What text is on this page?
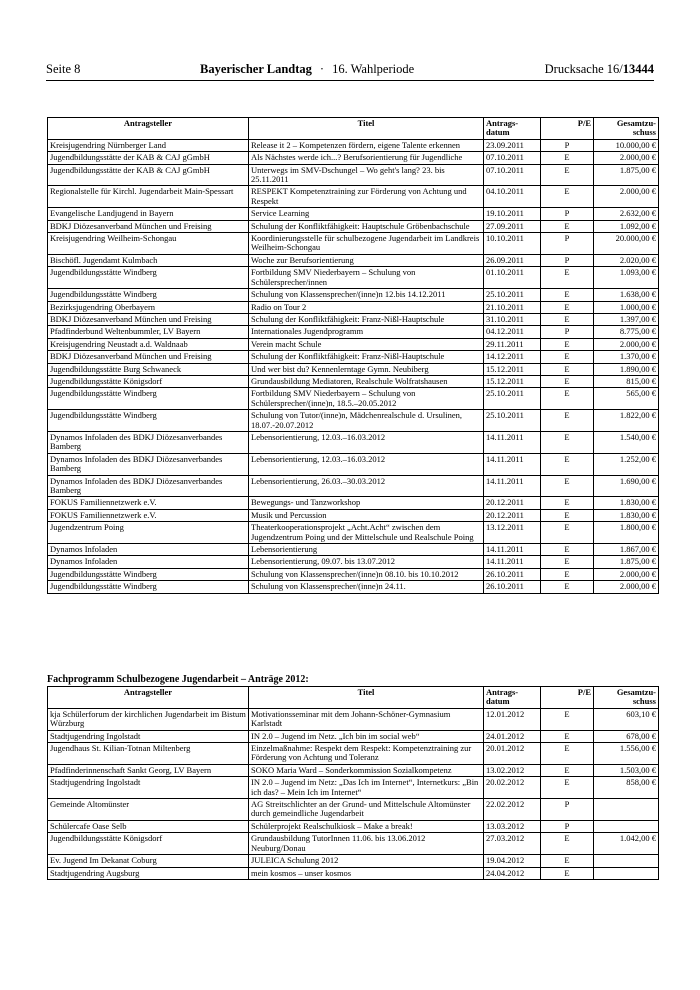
Seite 8	Bayerischer Landtag · 16. Wahlperiode	Drucksache 16/13444
Antragsteller	Titel	Antrags-datum	P/E	Gesamtzu-schuss
Kreisjugendring Nürnberger Land	Release it 2 – Kompetenzen fördern, eigene Talente erkennen	23.09.2011	P	10.000,00 €
Jugendbildungsstätte der KAB & CAJ gGmbH	Als Nächstes werde ich...? Berufsorientierung für Jugendliche	07.10.2011	E	2.000,00 €
Jugendbildungsstätte der KAB & CAJ gGmbH	Unterwegs im SMV-Dschungel – Wo geht's lang? 23. bis 25.11.2011	07.10.2011	E	1.875,00 €
Regionalstelle für Kirchl. Jugendarbeit Main-Spessart	RESPEKT Kompetenztraining zur Förderung von Achtung und Respekt	04.10.2011	E	2.000,00 €
Evangelische Landjugend in Bayern	Service Learning	19.10.2011	P	2.632,00 €
BDKJ Diözesanverband München und Freising	Schulung der Konfliktfähigkeit: Hauptschule Gröbenbachschule	27.09.2011	E	1.092,00 €
Kreisjugendring Weilheim-Schongau	Koordinierungsstelle für schulbezogene Jugendarbeit im Landkreis Weilheim-Schongau	10.10.2011	P	20.000,00 €
Bischöfl. Jugendamt Kulmbach	Woche zur Berufsorientierung	26.09.2011	P	2.020,00 €
Jugendbildungsstätte Windberg	Fortbildung SMV Niederbayern – Schulung von Schülersprecher/innen	01.10.2011	E	1.093,00 €
Jugendbildungsstätte Windberg	Schulung von Klassensprecher/(inne)n 12.bis 14.12.2011	25.10.2011	E	1.638,00 €
Bezirksjugendring Oberbayern	Radio on Tour 2	21.10.2011	E	1.000,00 €
BDKJ Diözesanverband München und Freising	Schulung der Konfliktfähigkeit: Franz-Nißl-Hauptschule	31.10.2011	E	1.397,00 €
Pfadfinderbund Weltenbummler, LV Bayern	Internationales Jugendprogramm	04.12.2011	P	8.775,00 €
Kreisjugendring Neustadt a.d. Waldnaab	Verein macht Schule	29.11.2011	E	2.000,00 €
BDKJ Diözesanverband München und Freising	Schulung der Konfliktfähigkeit: Franz-Nißl-Hauptschule	14.12.2011	E	1.370,00 €
Jugendbildungsstätte Burg Schwaneck	Und wer bist du? Kennenlerntage Gymn. Neubiberg	15.12.2011	E	1.890,00 €
Jugendbildungsstätte Königsdorf	Grundausbildung Mediatoren, Realschule Wolfratshausen	15.12.2011	E	815,00 €
Jugendbildungsstätte Windberg	Fortbildung SMV Niederbayern – Schulung von Schülersprecher/(inne)n, 18.5.–20.05.2012	25.10.2011	E	565,00 €
Jugendbildungsstätte Windberg	Schulung von Tutor/(inne)n, Mädchenrealschule d. Ursulinen, 18.07.-20.07.2012	25.10.2011	E	1.822,00 €
Dynamos Infoladen des BDKJ Diözesanverbandes Bamberg	Lebensorientierung, 12.03.–16.03.2012	14.11.2011	E	1.540,00 €
Dynamos Infoladen des BDKJ Diözesanverbandes Bamberg	Lebensorientierung, 12.03.–16.03.2012	14.11.2011	E	1.252,00 €
Dynamos Infoladen des BDKJ Diözesanverbandes Bamberg	Lebensorientierung, 26.03.–30.03.2012	14.11.2011	E	1.690,00 €
FOKUS Familiennetzwerk e.V.	Bewegungs- und Tanzworkshop	20.12.2011	E	1.830,00 €
FOKUS Familiennetzwerk e.V.	Musik und Percussion	20.12.2011	E	1.830,00 €
Jugendzentrum Poing	Theaterkooperationsprojekt „Acht.Acht“ zwischen dem Jugendzentrum Poing und der Mittelschule und Realschule Poing	13.12.2011	E	1.800,00 €
Dynamos Infoladen	Lebensorientierung	14.11.2011	E	1.867,00 €
Dynamos Infoladen	Lebensorientierung, 09.07. bis 13.07.2012	14.11.2011	E	1.875,00 €
Jugendbildungsstätte Windberg	Schulung von Klassensprecher/(inne)n 08.10. bis 10.10.2012	26.10.2011	E	2.000,00 €
Jugendbildungsstätte Windberg	Schulung von Klassensprecher/(inne)n 24.11.	26.10.2011	E	2.000,00 €
Fachprogramm Schulbezogene Jugendarbeit – Anträge 2012:
Antragsteller	Titel	Antrags-datum	P/E	Gesamtzu-schuss
kja Schülerforum der kirchlichen Jugendarbeit im Bistum Würzburg	Motivationsseminar mit dem Johann-Schöner-Gymnasium Karlstadt	12.01.2012	E	603,10 €
Stadtjugendring Ingolstadt	IN 2.0 – Jugend im Netz. „Ich bin im social web“	24.01.2012	E	678,00 €
Jugendhaus St. Kilian-Totnan Miltenberg	Einzelmaßnahme: Respekt dem Respekt: Kompetenztraining zur Förderung von Achtung und Toleranz	20.01.2012	E	1.556,00 €
Pfadfinderinnenschaft Sankt Georg, LV Bayern	SOKO Maria Ward – Sonderkommission Sozialkompetenz	13.02.2012	E	1.503,00 €
Stadtjugendring Ingolstadt	IN 2.0 – Jugend im Netz: „Das Ich im Internet“, Internetkurs: „Bin ich das? – Mein Ich im Internet“	20.02.2012	E	858,00 €
Gemeinde Altomünster	AG Streitschlichter an der Grund- und Mittelschule Altomünster durch gemeindliche Jugendarbeit	22.02.2012	P	
Schülercafe Oase Selb	Schülerprojekt Realschulkiosk – Make a break!	13.03.2012	P	
Jugendbildungsstätte Königsdorf	Grundausbildung TutorInnen 11.06. bis 13.06.2012 Neuburg/Donau	27.03.2012	E	1.042,00 €
Ev. Jugend Im Dekanat Coburg	JULEICA Schulung 2012	19.04.2012	E	
Stadtjugendring Augsburg	mein kosmos – unser kosmos	24.04.2012	E	
